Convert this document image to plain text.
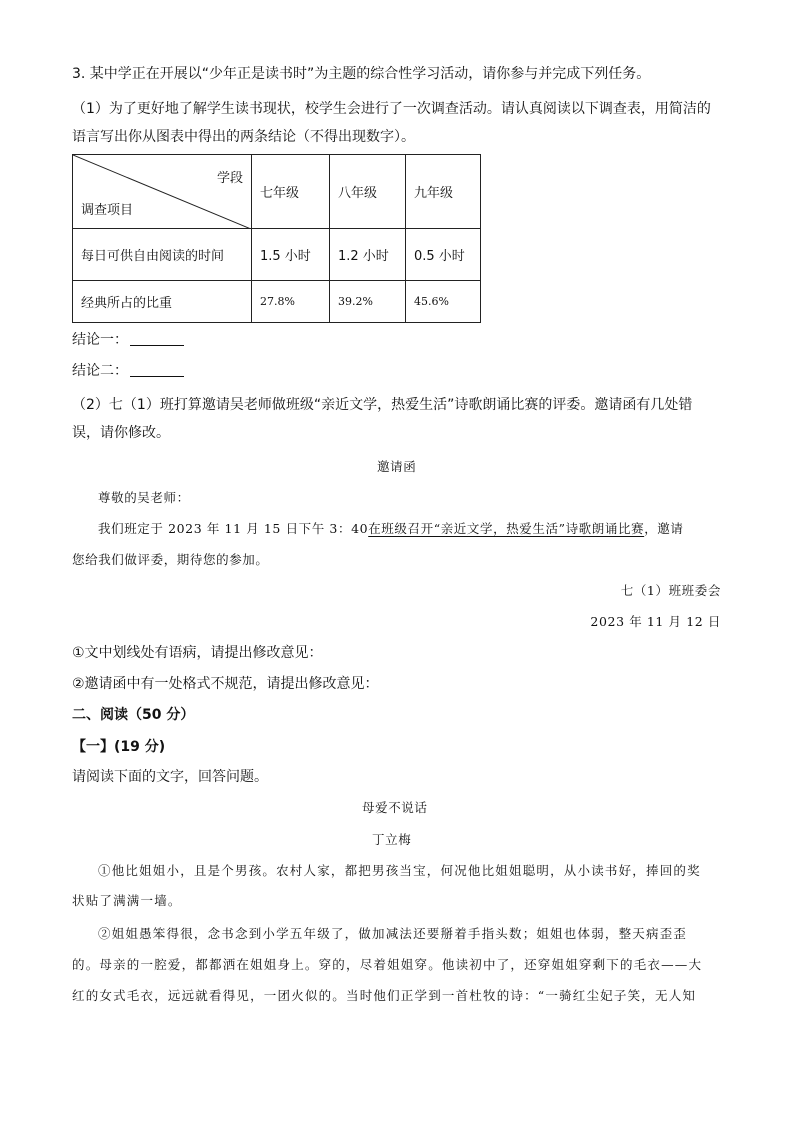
3. 某中学正在开展以“少年正是读书时”为主题的综合性学习活动，请你参与并完成下列任务。
（1）为了更好地了解学生读书现状，校学生会进行了一次调查活动。请认真阅读以下调查表，用简洁的
语言写出你从图表中得出的两条结论（不得出现数字）。
学段
调查项目	七年级	八年级	九年级
每日可供自由阅读的时间	1.5 小时	1.2 小时	0.5 小时
经典所占的比重	27.8%	39.2%	45.6%
结论一：
结论二：
（2）七（1）班打算邀请吴老师做班级“亲近文学，热爱生活”诗歌朗诵比赛的评委。邀请函有几处错
误，请你修改。
邀请函
尊敬的吴老师：
我们班定于 2023 年 11 月 15 日下午 3：40在班级召开“亲近文学，热爱生活”诗歌朗诵比赛，邀请
您给我们做评委，期待您的参加。
七（1）班班委会
2023 年 11 月 12 日
①文中划线处有语病，请提出修改意见：
②邀请函中有一处格式不规范，请提出修改意见：
二、阅读（50 分）
【一】(19 分)
请阅读下面的文字，回答问题。
母爱不说话
丁立梅
①他比姐姐小，且是个男孩。农村人家，都把男孩当宝，何况他比姐姐聪明，从小读书好，捧回的奖
状贴了满满一墙。
②姐姐愚笨得很，念书念到小学五年级了，做加减法还要掰着手指头数；姐姐也体弱，整天病歪歪
的。母亲的一腔爱，都都洒在姐姐身上。穿的，尽着姐姐穿。他读初中了，还穿姐姐穿剩下的毛衣——大
红的女式毛衣，远远就看得见，一团火似的。当时他们正学到一首杜牧的诗：“一骑红尘妃子笑，无人知
